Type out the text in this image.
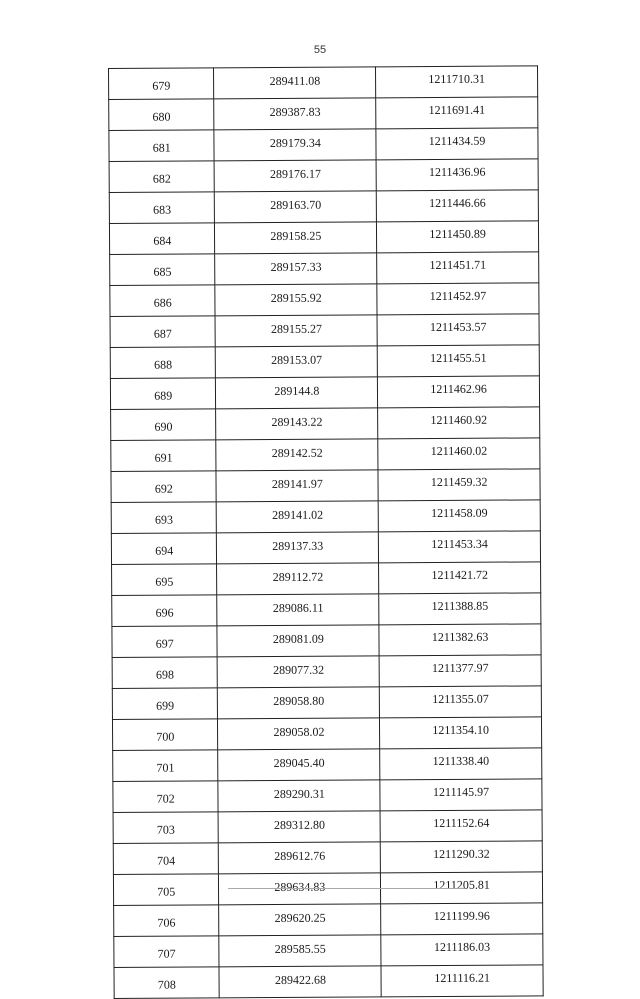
55
679	289411.08	1211710.31
680	289387.83	1211691.41
681	289179.34	1211434.59
682	289176.17	1211436.96
683	289163.70	1211446.66
684	289158.25	1211450.89
685	289157.33	1211451.71
686	289155.92	1211452.97
687	289155.27	1211453.57
688	289153.07	1211455.51
689	289144.8	1211462.96
690	289143.22	1211460.92
691	289142.52	1211460.02
692	289141.97	1211459.32
693	289141.02	1211458.09
694	289137.33	1211453.34
695	289112.72	1211421.72
696	289086.11	1211388.85
697	289081.09	1211382.63
698	289077.32	1211377.97
699	289058.80	1211355.07
700	289058.02	1211354.10
701	289045.40	1211338.40
702	289290.31	1211145.97
703	289312.80	1211152.64
704	289612.76	1211290.32
705	289634.83	1211205.81
706	289620.25	1211199.96
707	289585.55	1211186.03
708	289422.68	1211116.21
